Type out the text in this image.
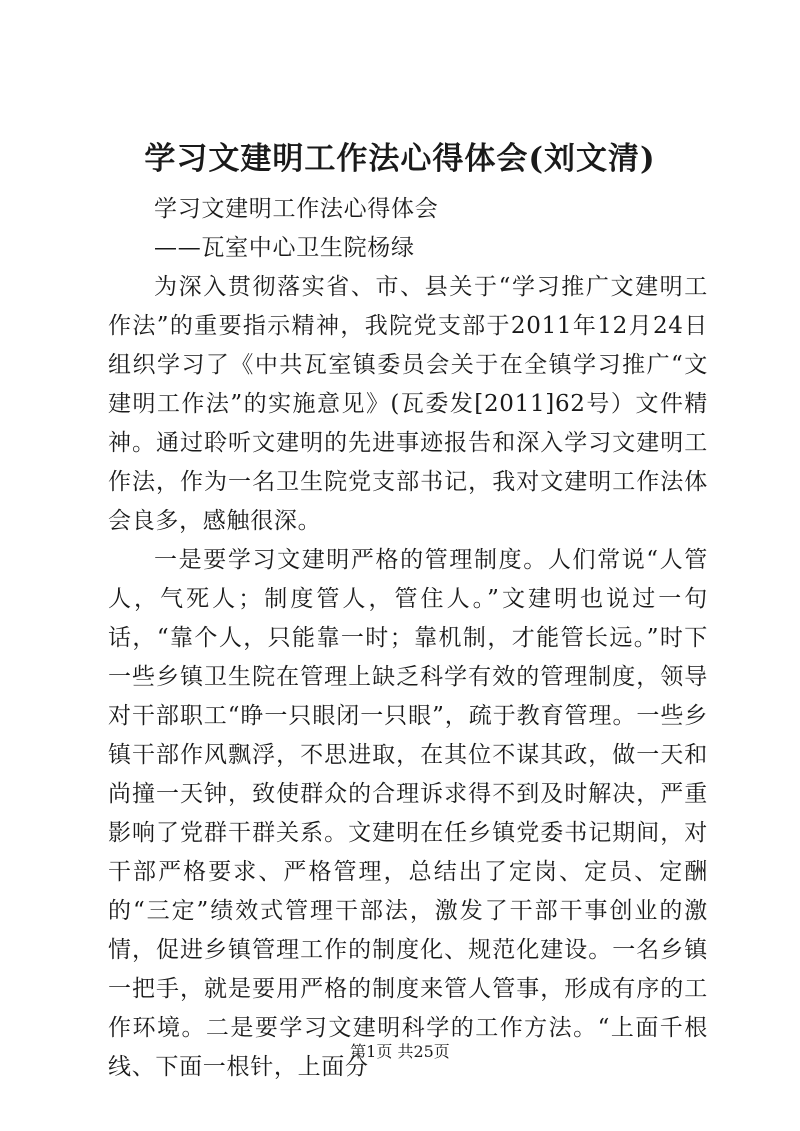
学习文建明工作法心得体会(刘文清)

学习文建明工作法心得体会

——瓦室中心卫生院杨绿

为深入贯彻落实省、市、县关于“学习推广文建明工作法”的重要指示精神，我院党支部于2011年12月24日组织学习了《中共瓦室镇委员会关于在全镇学习推广“文建明工作法”的实施意见》(瓦委发[2011]62号）文件精神。通过聆听文建明的先进事迹报告和深入学习文建明工作法，作为一名卫生院党支部书记，我对文建明工作法体会良多，感触很深。

一是要学习文建明严格的管理制度。人们常说“人管人，气死人；制度管人，管住人。”文建明也说过一句话，“靠个人，只能靠一时；靠机制，才能管长远。”时下一些乡镇卫生院在管理上缺乏科学有效的管理制度，领导对干部职工“睁一只眼闭一只眼”，疏于教育管理。一些乡镇干部作风飘浮，不思进取，在其位不谋其政，做一天和尚撞一天钟，致使群众的合理诉求得不到及时解决，严重影响了党群干群关系。文建明在任乡镇党委书记期间，对干部严格要求、严格管理，总结出了定岗、定员、定酬的“三定”绩效式管理干部法，激发了干部干事创业的激情，促进乡镇管理工作的制度化、规范化建设。一名乡镇一把手，就是要用严格的制度来管人管事，形成有序的工作环境。二是要学习文建明科学的工作方法。“上面千根线、下面一根针，上面分

第1页 共25页
